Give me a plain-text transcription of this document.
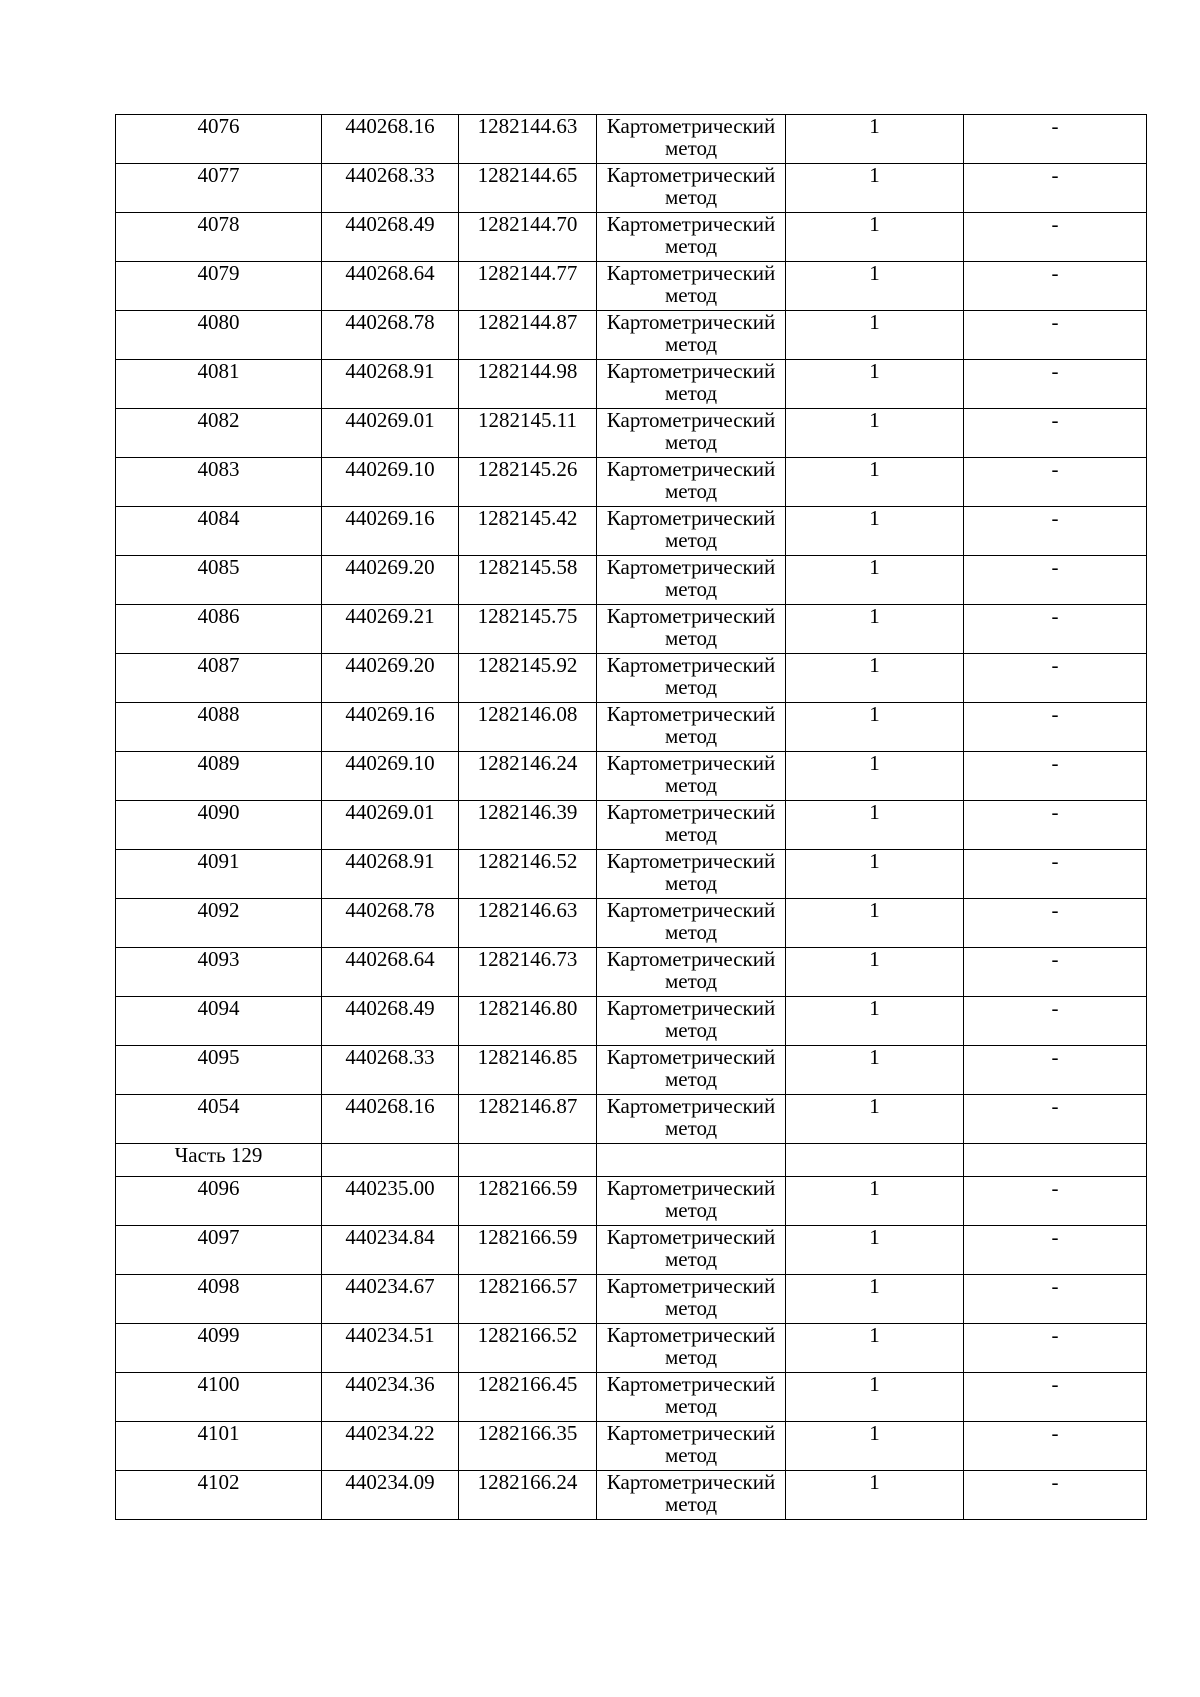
4076	440268.16	1282144.63	Картометрический метод	1	-
4077	440268.33	1282144.65	Картометрический метод	1	-
4078	440268.49	1282144.70	Картометрический метод	1	-
4079	440268.64	1282144.77	Картометрический метод	1	-
4080	440268.78	1282144.87	Картометрический метод	1	-
4081	440268.91	1282144.98	Картометрический метод	1	-
4082	440269.01	1282145.11	Картометрический метод	1	-
4083	440269.10	1282145.26	Картометрический метод	1	-
4084	440269.16	1282145.42	Картометрический метод	1	-
4085	440269.20	1282145.58	Картометрический метод	1	-
4086	440269.21	1282145.75	Картометрический метод	1	-
4087	440269.20	1282145.92	Картометрический метод	1	-
4088	440269.16	1282146.08	Картометрический метод	1	-
4089	440269.10	1282146.24	Картометрический метод	1	-
4090	440269.01	1282146.39	Картометрический метод	1	-
4091	440268.91	1282146.52	Картометрический метод	1	-
4092	440268.78	1282146.63	Картометрический метод	1	-
4093	440268.64	1282146.73	Картометрический метод	1	-
4094	440268.49	1282146.80	Картометрический метод	1	-
4095	440268.33	1282146.85	Картометрический метод	1	-
4054	440268.16	1282146.87	Картометрический метод	1	-
Часть 129					
4096	440235.00	1282166.59	Картометрический метод	1	-
4097	440234.84	1282166.59	Картометрический метод	1	-
4098	440234.67	1282166.57	Картометрический метод	1	-
4099	440234.51	1282166.52	Картометрический метод	1	-
4100	440234.36	1282166.45	Картометрический метод	1	-
4101	440234.22	1282166.35	Картометрический метод	1	-
4102	440234.09	1282166.24	Картометрический метод	1	-
